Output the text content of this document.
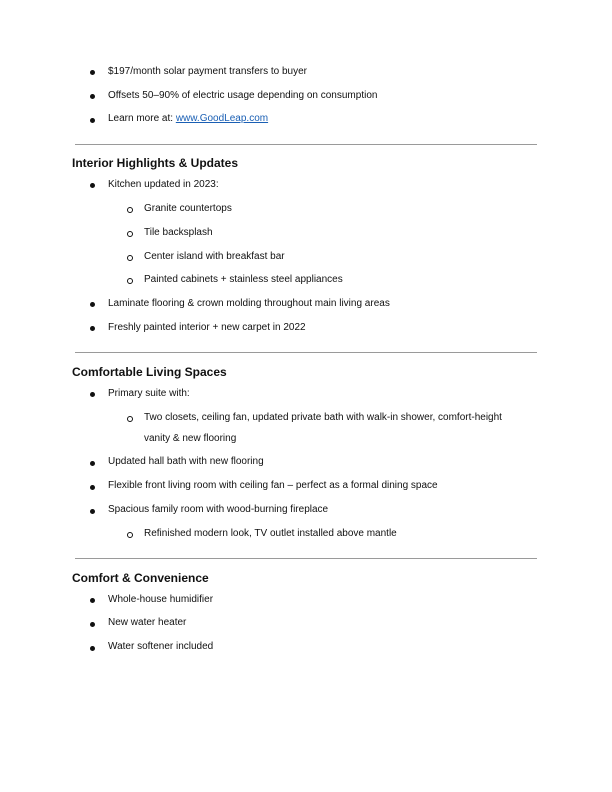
$197/month solar payment transfers to buyer
Offsets 50–90% of electric usage depending on consumption
Learn more at: www.GoodLeap.com
Interior Highlights & Updates
Kitchen updated in 2023:
Granite countertops
Tile backsplash
Center island with breakfast bar
Painted cabinets + stainless steel appliances
Laminate flooring & crown molding throughout main living areas
Freshly painted interior + new carpet in 2022
Comfortable Living Spaces
Primary suite with:
Two closets, ceiling fan, updated private bath with walk-in shower, comfort-height
vanity & new flooring
Updated hall bath with new flooring
Flexible front living room with ceiling fan – perfect as a formal dining space
Spacious family room with wood-burning fireplace
Refinished modern look, TV outlet installed above mantle
Comfort & Convenience
Whole-house humidifier
New water heater
Water softener included
